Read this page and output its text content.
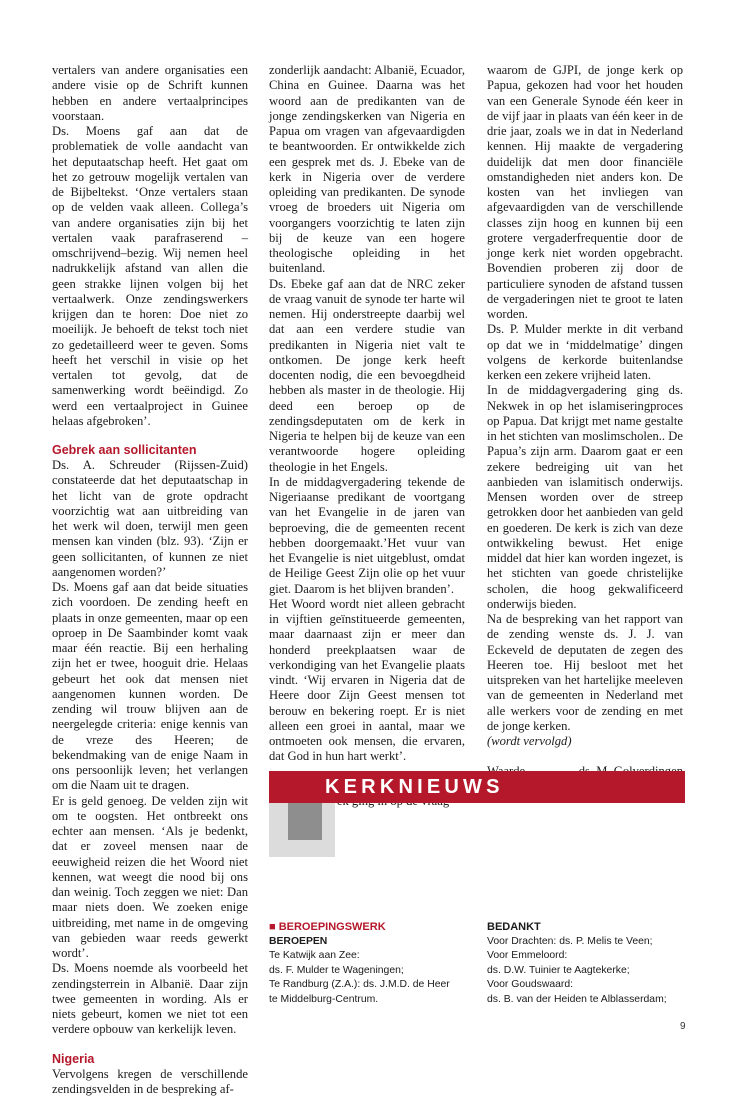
vertalers van andere organisaties een andere visie op de Schrift kunnen hebben en andere vertaalprincipes voorstaan.

Ds. Moens gaf aan dat de problematiek de volle aandacht van het deputaatschap heeft. Het gaat om het zo getrouw mogelijk vertalen van de Bijbeltekst. ‘Onze vertalers staan op de velden vaak alleen. Collega’s van andere organisaties zijn bij het vertalen vaak parafraserend –omschrijvend–bezig. Wij nemen heel nadrukkelijk afstand van allen die geen strakke lijnen volgen bij het vertaalwerk. Onze zendingswerkers krijgen dan te horen: Doe niet zo moeilijk. Je behoeft de tekst toch niet zo gedetailleerd weer te geven. Soms heeft het verschil in visie op het vertalen tot gevolg, dat de samenwerking wordt beëindigd. Zo werd een vertaalproject in Guinee helaas afgebroken’.

Gebrek aan sollicitanten

Ds. A. Schreuder (Rijssen-Zuid) constateerde dat het deputaatschap in het licht van de grote opdracht voorzichtig wat aan uitbreiding van het werk wil doen, terwijl men geen mensen kan vinden (blz. 93). ‘Zijn er geen sollicitanten, of kunnen ze niet aangenomen worden?’

Ds. Moens gaf aan dat beide situaties zich voordoen. De zending heeft en plaats in onze gemeenten, maar op een oproep in De Saambinder komt vaak maar één reactie. Bij een herhaling zijn het er twee, hooguit drie. Helaas gebeurt het ook dat mensen niet aangenomen kunnen worden. De zending wil trouw blijven aan de neergelegde criteria: enige kennis van de vreze des Heeren; de bekendmaking van de enige Naam in ons persoonlijk leven; het verlangen om die Naam uit te dragen.

Er is geld genoeg. De velden zijn wit om te oogsten. Het ontbreekt ons echter aan mensen. ‘Als je bedenkt, dat er zoveel mensen naar de eeuwigheid reizen die het Woord niet kennen, wat weegt die nood bij ons dan weinig. Toch zeggen we niet: Dan maar niets doen. We zoeken enige uitbreiding, met name in de omgeving van gebieden waar reeds gewerkt wordt’.

Ds. Moens noemde als voorbeeld het zendingsterrein in Albanië. Daar zijn twee gemeenten in wording. Als er niets gebeurt, komen we niet tot een verdere opbouw van kerkelijk leven.

Nigeria

Vervolgens kregen de verschillende zendingsvelden in de bespreking af-

zonderlijk aandacht: Albanië, Ecuador, China en Guinee. Daarna was het woord aan de predikanten van de jonge zendingskerken van Nigeria en Papua om vragen van afgevaardigden te beantwoorden. Er ontwikkelde zich een gesprek met ds. J. Ebeke van de kerk in Nigeria over de verdere opleiding van predikanten. De synode vroeg de broeders uit Nigeria om voorgangers voorzichtig te laten zijn bij de keuze van een hogere theologische opleiding in het buitenland.

Ds. Ebeke gaf aan dat de NRC zeker de vraag vanuit de synode ter harte wil nemen. Hij onderstreepte daarbij wel dat aan een verdere studie van predikanten in Nigeria niet valt te ontkomen. De jonge kerk heeft docenten nodig, die een bevoegdheid hebben als master in de theologie. Hij deed een beroep op de zendingsdeputaten om de kerk in Nigeria te helpen bij de keuze van een verantwoorde hogere opleiding theologie in het Engels.

In de middagvergadering tekende de Nigeriaanse predikant de voortgang van het Evangelie in de jaren van beproeving, die de gemeenten recent hebben doorgemaakt.’Het vuur van het Evangelie is niet uitgeblust, omdat de Heilige Geest Zijn olie op het vuur giet. Daarom is het blijven branden’.

Het Woord wordt niet alleen gebracht in vijftien geïnstitueerde gemeenten, maar daarnaast zijn er meer dan honderd preekplaatsen waar de verkondiging van het Evangelie plaats vindt. ‘Wij ervaren in Nigeria dat de Heere door Zijn Geest mensen tot berouw en bekering roept. Er is niet alleen een groei in aantal, maar we ontmoeten ook mensen, die ervaren, dat God in hun hart werkt’.

waarom de GJPI, de jonge kerk op Papua, gekozen had voor het houden van een Generale Synode één keer in de vijf jaar in plaats van één keer in de drie jaar, zoals we in dat in Nederland kennen. Hij maakte de vergadering duidelijk dat men door financiële omstandigheden niet anders kon. De kosten van het invliegen van afgevaardigden van de verschillende classes zijn hoog en kunnen bij een grotere vergaderfrequentie door de jonge kerk niet worden opgebracht. Bovendien proberen zij door de particuliere synoden de afstand tussen de vergaderingen niet te groot te laten worden.

Ds. P. Mulder merkte in dit verband op dat we in ‘middelmatige’ dingen volgens de kerkorde buitenlandse kerken een zekere vrijheid laten.

In de middagvergadering ging ds. Nekwek in op het islamiseringproces op Papua. Dat krijgt met name gestalte in het stichten van moslimscholen.. De Papua’s zijn arm. Daarom gaat er een zekere bedreiging uit van het aanbieden van islamitisch onderwijs. Mensen worden over de streep getrokken door het aanbieden van geld en goederen. De kerk is zich van deze ontwikkeling bewust. Het enige middel dat hier kan worden ingezet, is het stichten van goede christelijke scholen, die hoog gekwalificeerd onderwijs bieden.

Na de bespreking van het rapport van de zending wenste ds. J. J. van Eckeveld de deputaten de zegen des Heeren toe. Hij besloot met het uitspreken van het hartelijke meeleven van de gemeenten in Nederland met alle werkers voor de zending en met de jonge kerken.

(wordt vervolgd)

KERKNIEUWS
■ BEROEPINGSWERK
BEROEPEN
Te Katwijk aan Zee:
ds. F. Mulder te Wageningen;
Te Randburg (Z.A.): ds. J.M.D. de Heer
te Middelburg-Centrum.
BEDANKT
Voor Drachten: ds. P. Melis te Veen;
Voor Emmeloord:
ds. D.W. Tuinier te Aagtekerke;
Voor Goudswaard:
ds. B. van der Heiden te Alblasserdam;
9
